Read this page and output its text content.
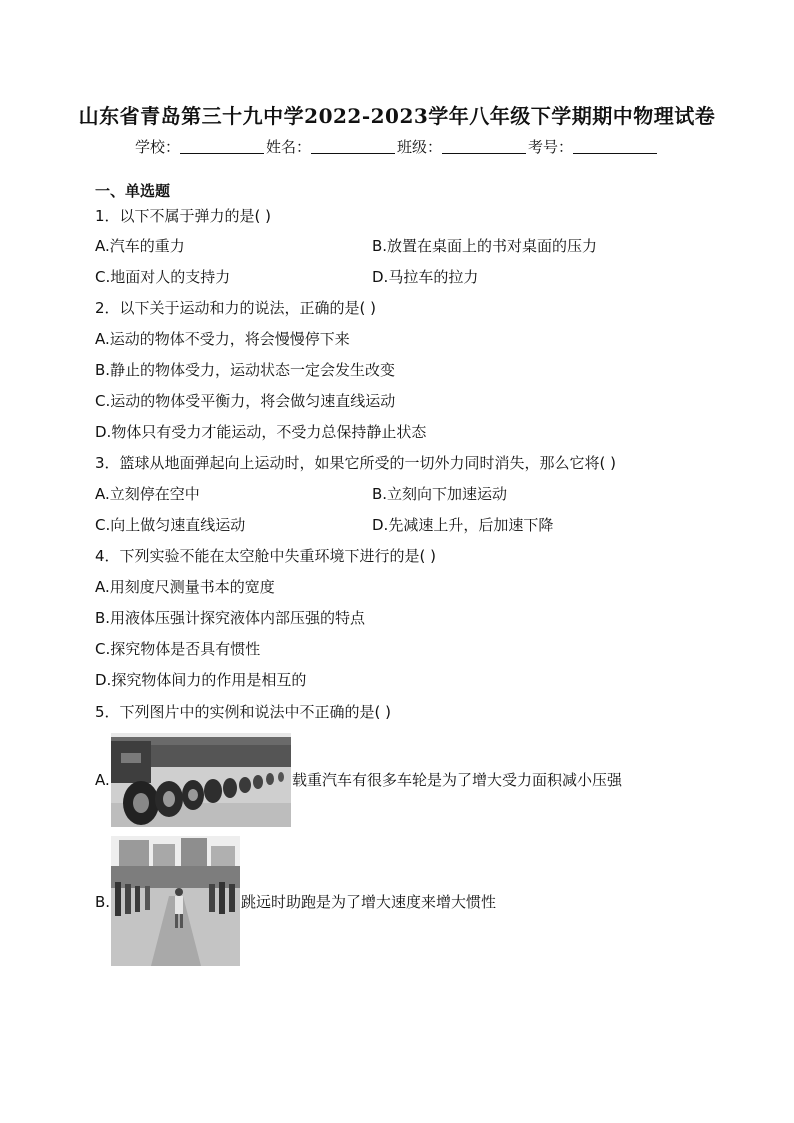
山东省青岛第三十九中学2022-2023学年八年级下学期期中物理试卷
学校：	姓名：	班级：	考号：
一、单选题
1．以下不属于弹力的是( )
A.汽车的重力	B.放置在桌面上的书对桌面的压力
C.地面对人的支持力	D.马拉车的拉力
2．以下关于运动和力的说法，正确的是( )
A.运动的物体不受力，将会慢慢停下来
B.静止的物体受力，运动状态一定会发生改变
C.运动的物体受平衡力，将会做匀速直线运动
D.物体只有受力才能运动，不受力总保持静止状态
3．篮球从地面弹起向上运动时，如果它所受的一切外力同时消失，那么它将( )
A.立刻停在空中	B.立刻向下加速运动
C.向上做匀速直线运动	D.先减速上升，后加速下降
4．下列实验不能在太空舱中失重环境下进行的是( )
A.用刻度尺测量书本的宽度
B.用液体压强计探究液体内部压强的特点
C.探究物体是否具有惯性
D.探究物体间力的作用是相互的
5．下列图片中的实例和说法中不正确的是( )
A.	载重汽车有很多车轮是为了增大受力面积减小压强
B.	跳远时助跑是为了增大速度来增大惯性
